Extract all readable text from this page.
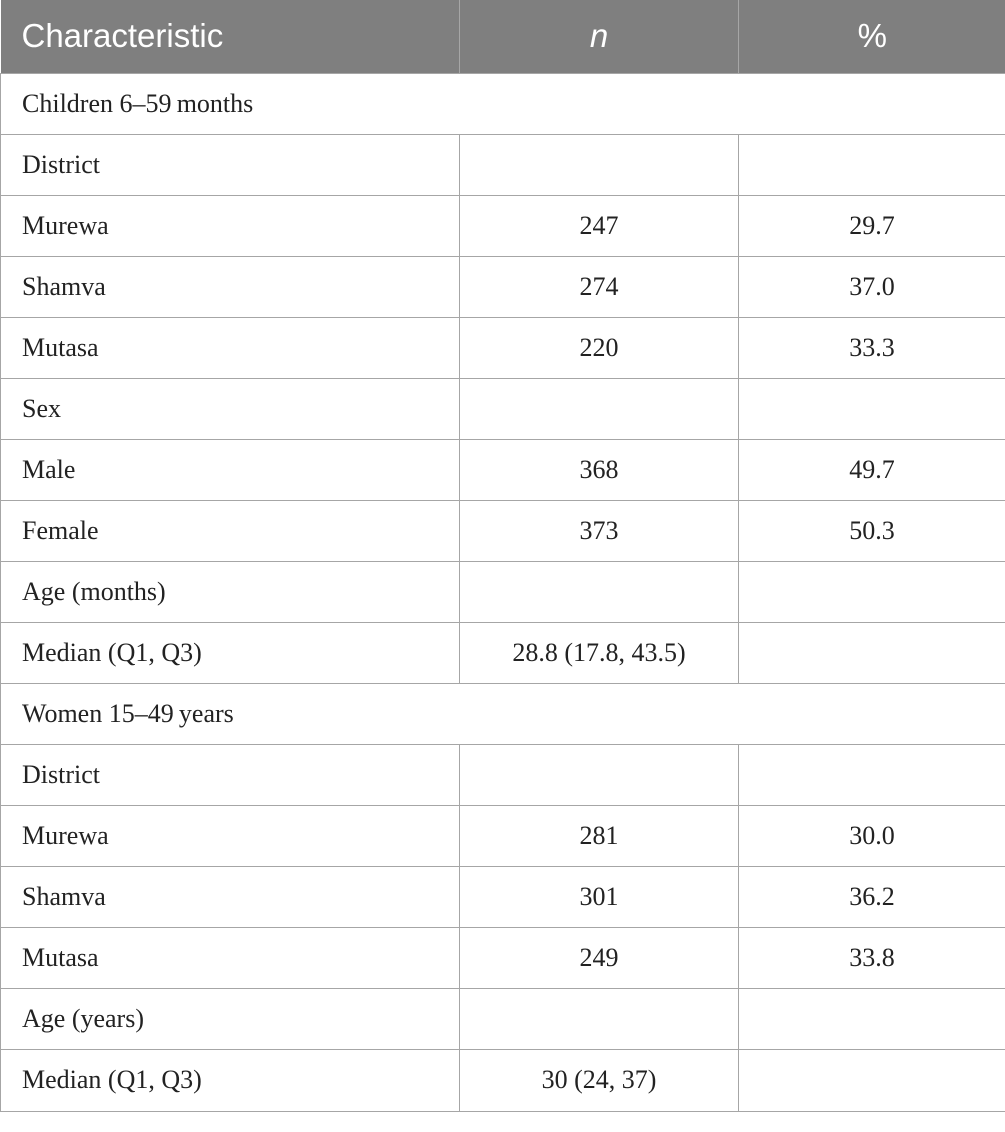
Characteristic	n	%
Children 6–59 months		
District		
Murewa	247	29.7
Shamva	274	37.0
Mutasa	220	33.3
Sex		
Male	368	49.7
Female	373	50.3
Age (months)		
Median (Q1, Q3)	28.8 (17.8, 43.5)	
Women 15–49 years		
District		
Murewa	281	30.0
Shamva	301	36.2
Mutasa	249	33.8
Age (years)		
Median (Q1, Q3)	30 (24, 37)	
